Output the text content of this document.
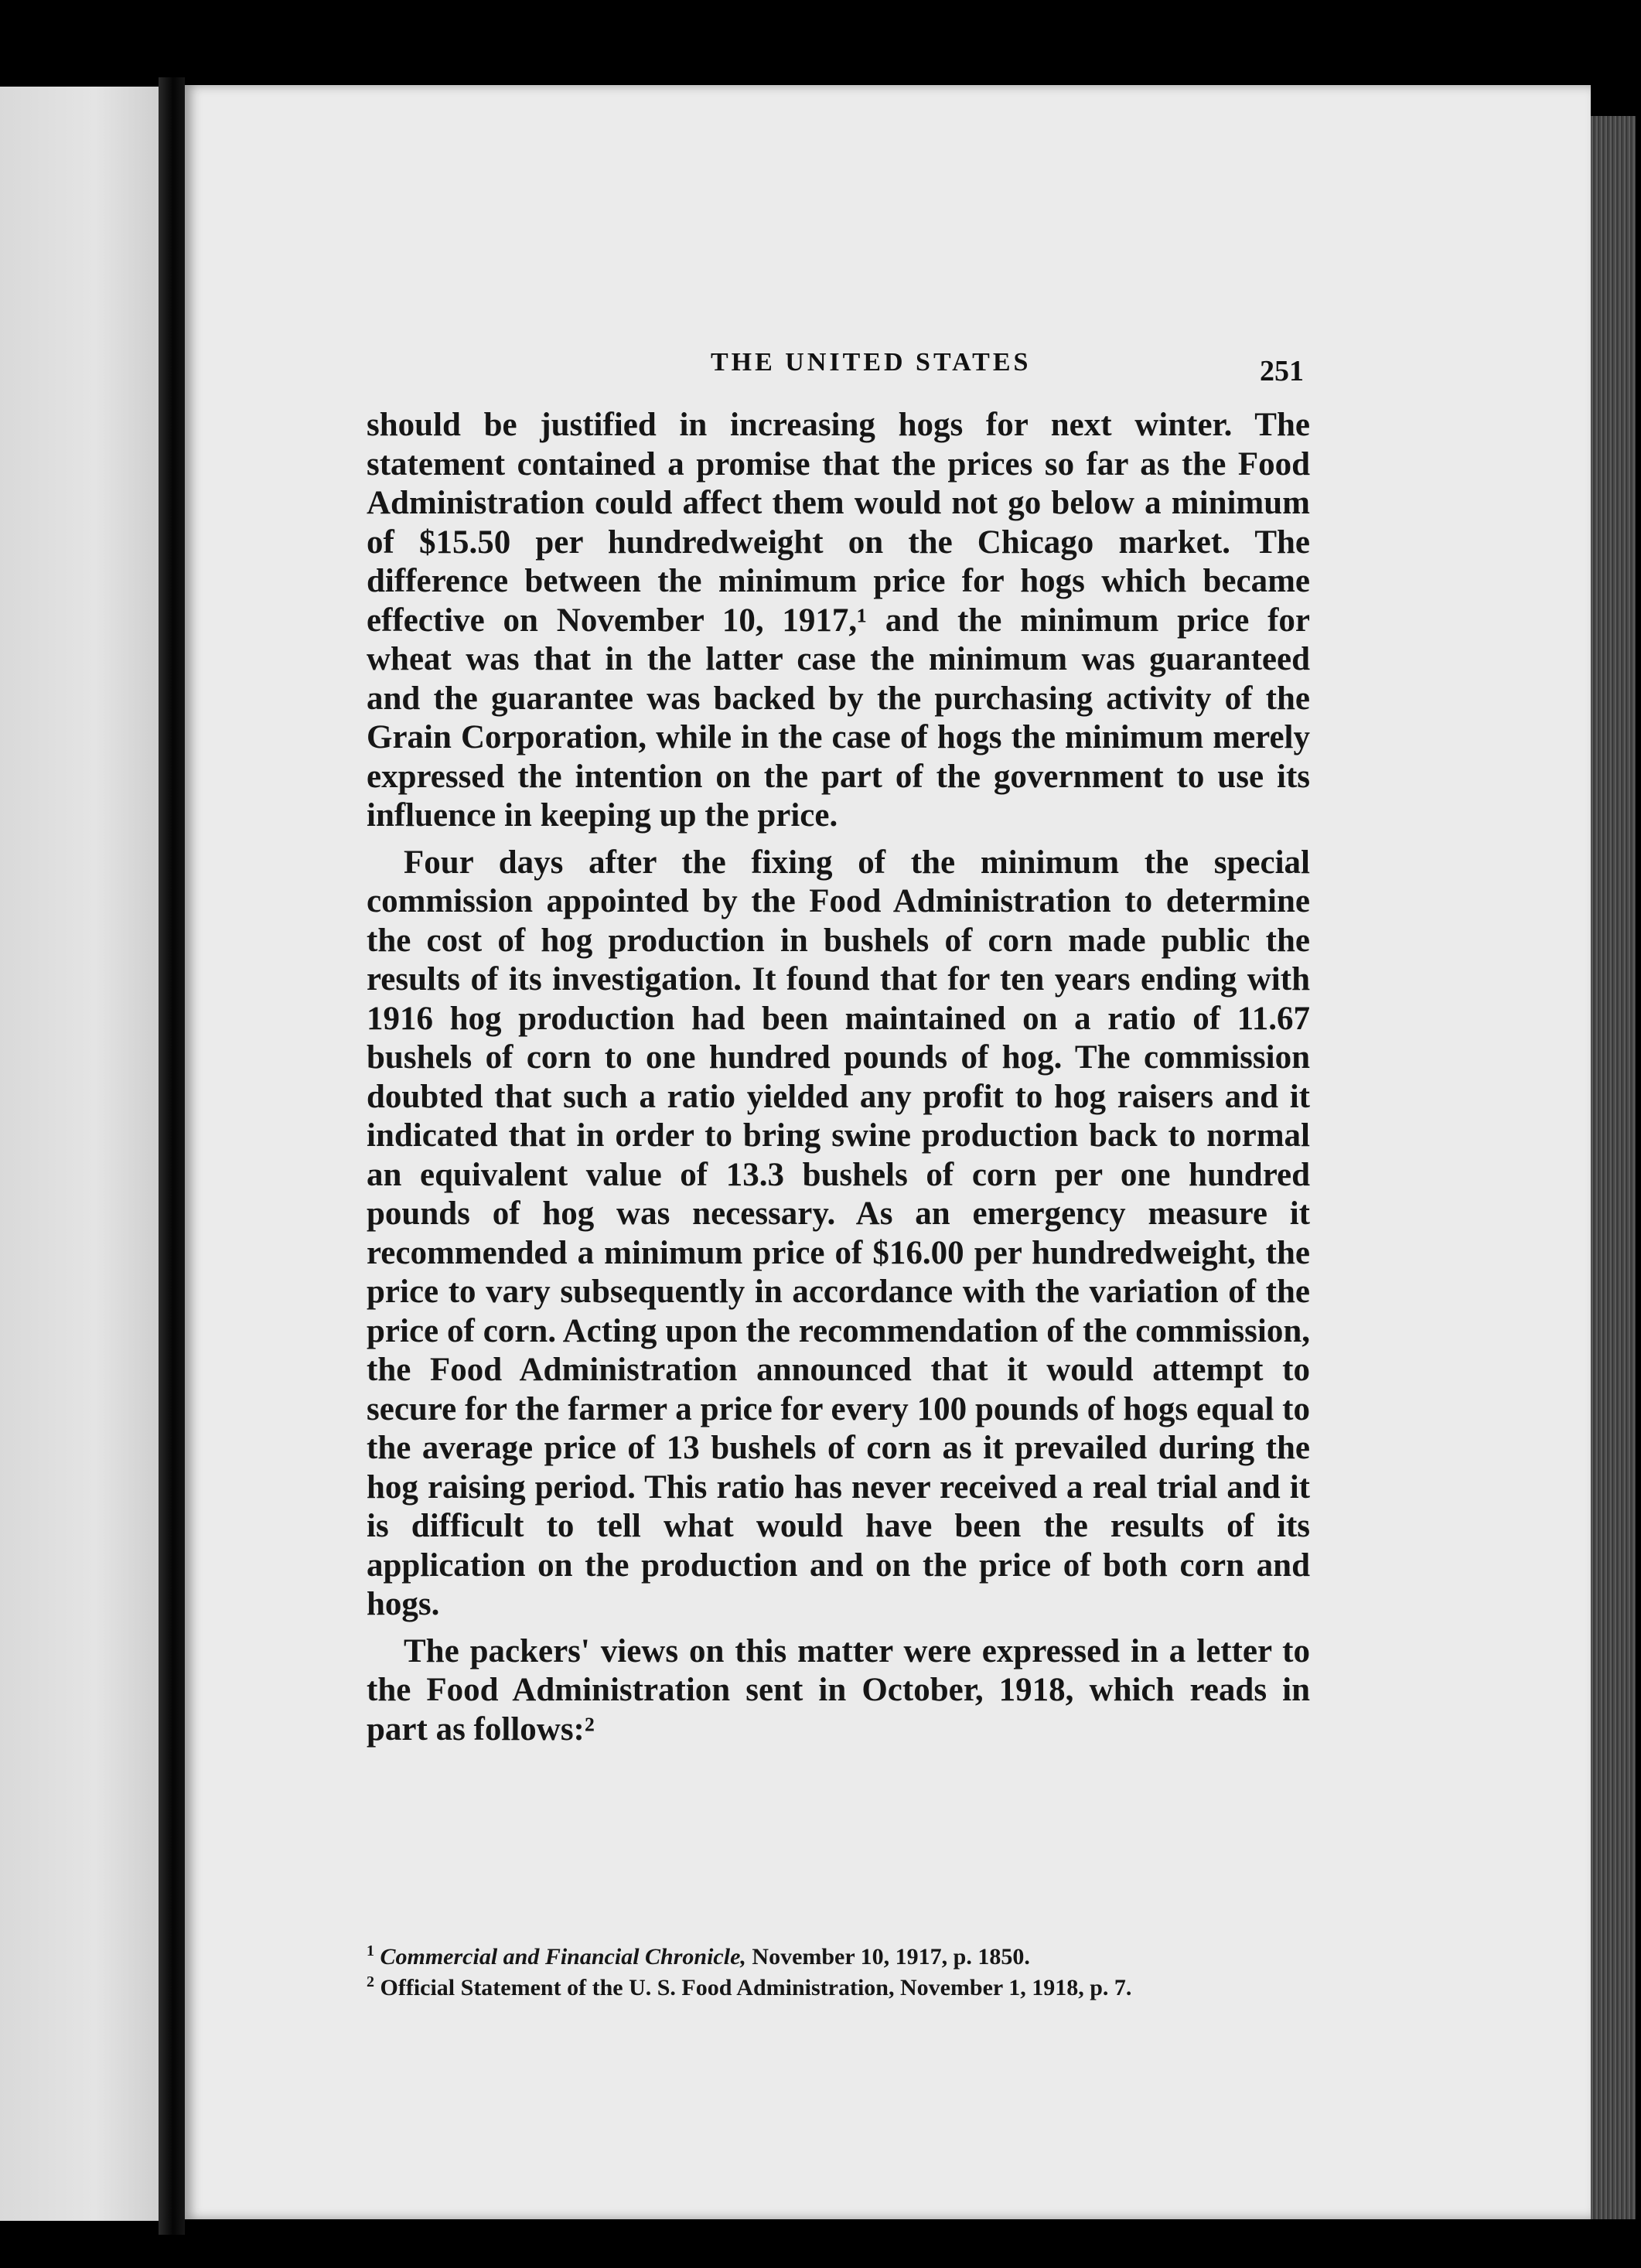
THE UNITED STATES	251

should be justified in increasing hogs for next winter. The statement contained a promise that the prices so far as the Food Administration could affect them would not go below a minimum of $15.50 per hundredweight on the Chicago market. The difference between the minimum price for hogs which became effective on November 10, 1917,¹ and the minimum price for wheat was that in the latter case the minimum was guaranteed and the guarantee was backed by the purchasing activity of the Grain Corporation, while in the case of hogs the minimum merely expressed the intention on the part of the government to use its influence in keeping up the price.

Four days after the fixing of the minimum the special commission appointed by the Food Administration to determine the cost of hog production in bushels of corn made public the results of its investigation. It found that for ten years ending with 1916 hog production had been maintained on a ratio of 11.67 bushels of corn to one hundred pounds of hog. The commission doubted that such a ratio yielded any profit to hog raisers and it indicated that in order to bring swine production back to normal an equivalent value of 13.3 bushels of corn per one hundred pounds of hog was necessary. As an emergency measure it recommended a minimum price of $16.00 per hundredweight, the price to vary subsequently in accordance with the variation of the price of corn. Acting upon the recommendation of the commission, the Food Administration announced that it would attempt to secure for the farmer a price for every 100 pounds of hogs equal to the average price of 13 bushels of corn as it prevailed during the hog raising period. This ratio has never received a real trial and it is difficult to tell what would have been the results of its application on the production and on the price of both corn and hogs.

The packers' views on this matter were expressed in a letter to the Food Administration sent in October, 1918, which reads in part as follows:²

$^1$ Commercial and Financial Chronicle, November 10, 1917, p. 1850.

$^2$ Official Statement of the U. S. Food Administration, November 1, 1918, p. 7.
